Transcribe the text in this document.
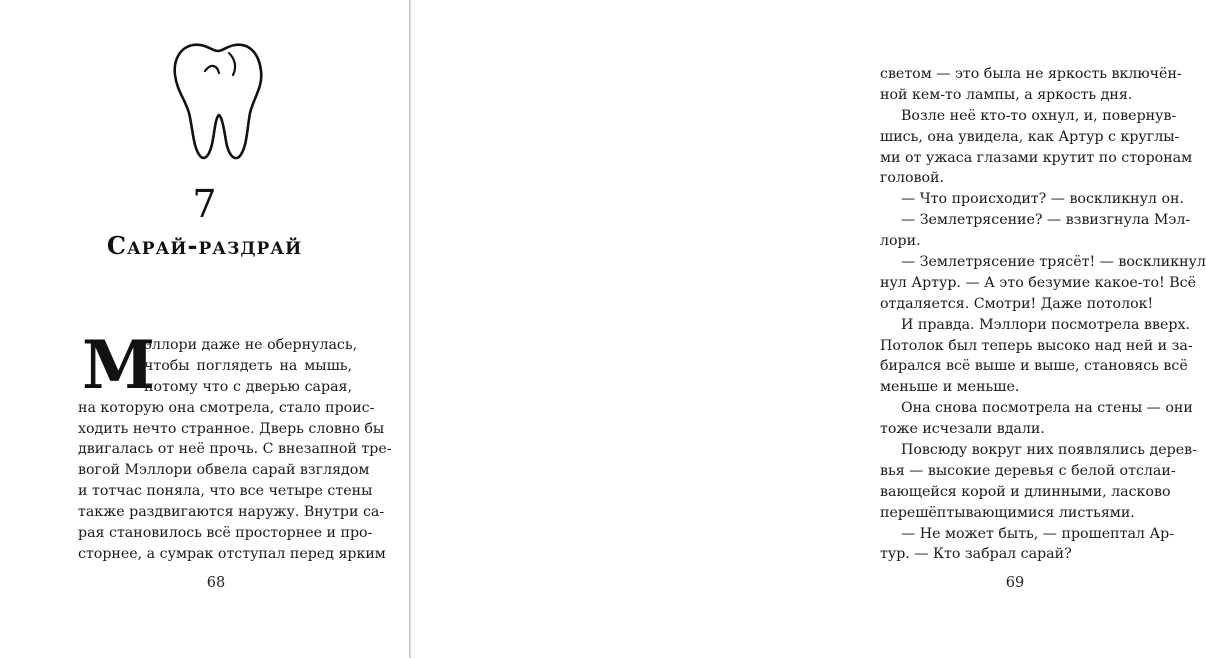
7
Сарай-раздрай
М
эллори даже не обернулась,
чтобы поглядеть на мышь,
потому что с дверью сарая,
на которую она смотрела, стало проис-
ходить нечто странное. Дверь словно бы
двигалась от неё прочь. С внезапной тре-
вогой Мэллори обвела сарай взглядом
и тотчас поняла, что все четыре стены
также раздвигаются наружу. Внутри са-
рая становилось всё просторнее и про-
сторнее, а сумрак отступал перед ярким
68
светом — это была не яркость включён-
ной кем-то лампы, а яркость дня.
Возле неё кто-то охнул, и, повернув-
шись, она увидела, как Артур с круглы-
ми от ужаса глазами крутит по сторонам
головой.
— Что происходит? — воскликнул он.
— Землетрясение? — взвизгнула Мэл-
лори.
— Землетрясение трясёт! — воскликнул
нул Артур. — А это безумие какое-то! Всё
отдаляется. Смотри! Даже потолок!
И правда. Мэллори посмотрела вверх.
Потолок был теперь высоко над ней и за-
бирался всё выше и выше, становясь всё
меньше и меньше.
Она снова посмотрела на стены — они
тоже исчезали вдали.
Повсюду вокруг них появлялись дерев-
вья — высокие деревья с белой отслаи-
вающейся корой и длинными, ласково
перешёптывающимися листьями.
— Не может быть, — прошептал Ар-
тур. — Кто забрал сарай?
69
